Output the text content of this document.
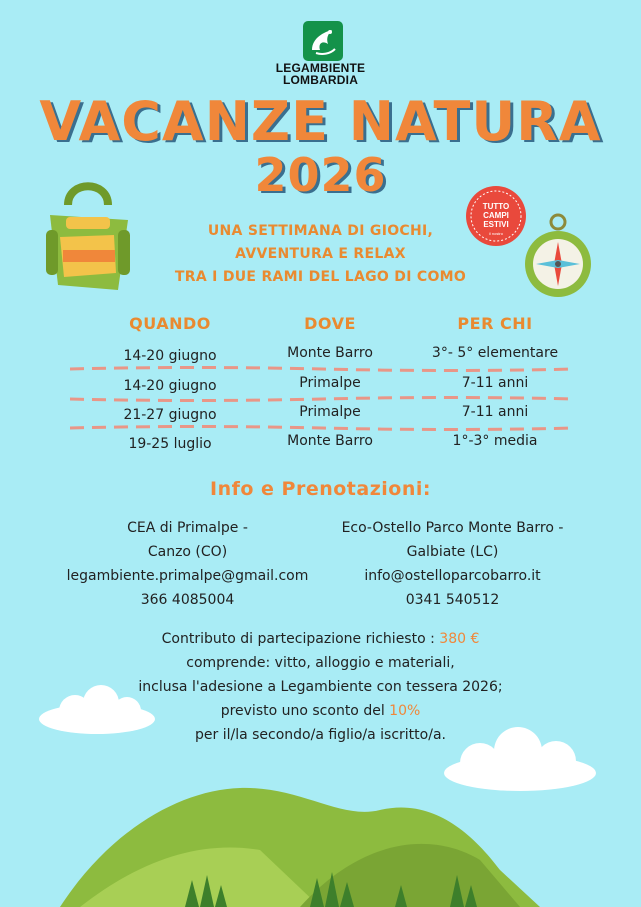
LEGAMBIENTE
LOMBARDIA
VACANZE NATURA
2026
TUTTO
CAMPI
ESTIVI
il nostro
UNA SETTIMANA DI GIOCHI,
AVVENTURA E RELAX
TRA I DUE RAMI DEL LAGO DI COMO
QUANDO	DOVE	PER CHI
14-20 giugno	Monte Barro	3°- 5° elementare
14-20 giugno	Primalpe	7-11 anni
21-27 giugno	Primalpe	7-11 anni
19-25 luglio	Monte Barro	1°-3° media
Info e Prenotazioni:
CEA di Primalpe -
Canzo (CO)
legambiente.primalpe@gmail.com
366 4085004
Eco-Ostello Parco Monte Barro -
Galbiate (LC)
info@ostelloparcobarro.it
0341 540512
Contributo di partecipazione richiesto : 380 €
comprende: vitto, alloggio e materiali,
inclusa l'adesione a Legambiente con tessera 2026;
previsto uno sconto del 10%
per il/la secondo/a figlio/a iscritto/a.
